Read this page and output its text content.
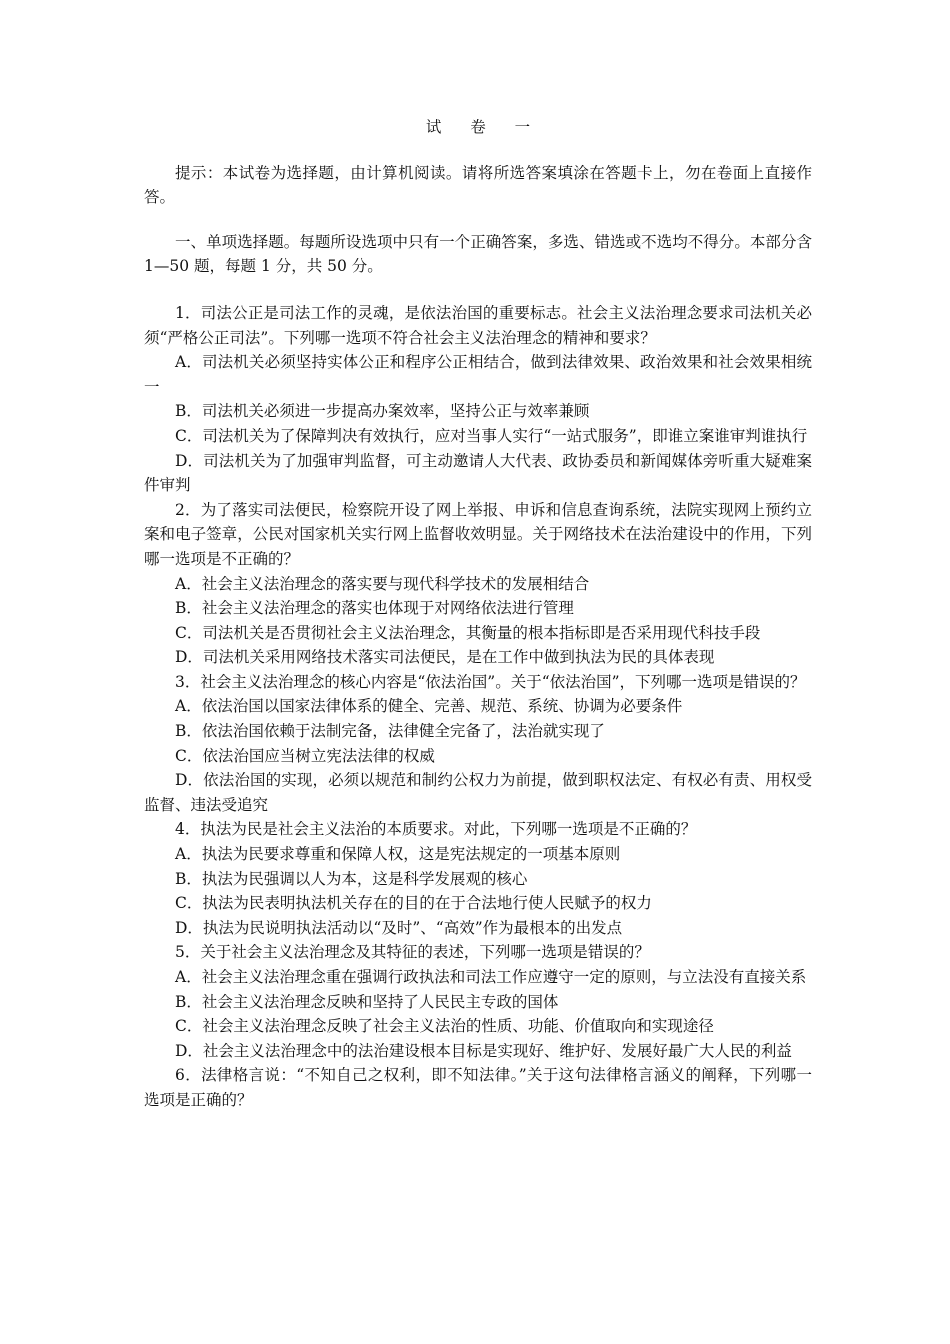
试 卷 一

提示：本试卷为选择题，由计算机阅读。请将所选答案填涂在答题卡上，勿在卷面上直接作答。

一、单项选择题。每题所设选项中只有一个正确答案，多选、错选或不选均不得分。本部分含 1—50 题，每题 1 分，共 50 分。

1．司法公正是司法工作的灵魂，是依法治国的重要标志。社会主义法治理念要求司法机关必须“严格公正司法”。下列哪一选项不符合社会主义法治理念的精神和要求？

A．司法机关必须坚持实体公正和程序公正相结合，做到法律效果、政治效果和社会效果相统一

B．司法机关必须进一步提高办案效率，坚持公正与效率兼顾

C．司法机关为了保障判决有效执行，应对当事人实行“一站式服务”，即谁立案谁审判谁执行

D．司法机关为了加强审判监督，可主动邀请人大代表、政协委员和新闻媒体旁听重大疑难案件审判

2．为了落实司法便民，检察院开设了网上举报、申诉和信息查询系统，法院实现网上预约立案和电子签章，公民对国家机关实行网上监督收效明显。关于网络技术在法治建设中的作用，下列哪一选项是不正确的？

A．社会主义法治理念的落实要与现代科学技术的发展相结合

B．社会主义法治理念的落实也体现于对网络依法进行管理

C．司法机关是否贯彻社会主义法治理念，其衡量的根本指标即是否采用现代科技手段

D．司法机关采用网络技术落实司法便民，是在工作中做到执法为民的具体表现

3．社会主义法治理念的核心内容是“依法治国”。关于“依法治国”，下列哪一选项是错误的？

A．依法治国以国家法律体系的健全、完善、规范、系统、协调为必要条件

B．依法治国依赖于法制完备，法律健全完备了，法治就实现了

C．依法治国应当树立宪法法律的权威

D．依法治国的实现，必须以规范和制约公权力为前提，做到职权法定、有权必有责、用权受监督、违法受追究

4．执法为民是社会主义法治的本质要求。对此，下列哪一选项是不正确的？

A．执法为民要求尊重和保障人权，这是宪法规定的一项基本原则

B．执法为民强调以人为本，这是科学发展观的核心

C．执法为民表明执法机关存在的目的在于合法地行使人民赋予的权力

D．执法为民说明执法活动以“及时”、“高效”作为最根本的出发点

5．关于社会主义法治理念及其特征的表述，下列哪一选项是错误的？

A．社会主义法治理念重在强调行政执法和司法工作应遵守一定的原则，与立法没有直接关系

B．社会主义法治理念反映和坚持了人民民主专政的国体

C．社会主义法治理念反映了社会主义法治的性质、功能、价值取向和实现途径

D．社会主义法治理念中的法治建设根本目标是实现好、维护好、发展好最广大人民的利益

6．法律格言说：“不知自己之权利，即不知法律。”关于这句法律格言涵义的阐释，下列哪一选项是正确的？
